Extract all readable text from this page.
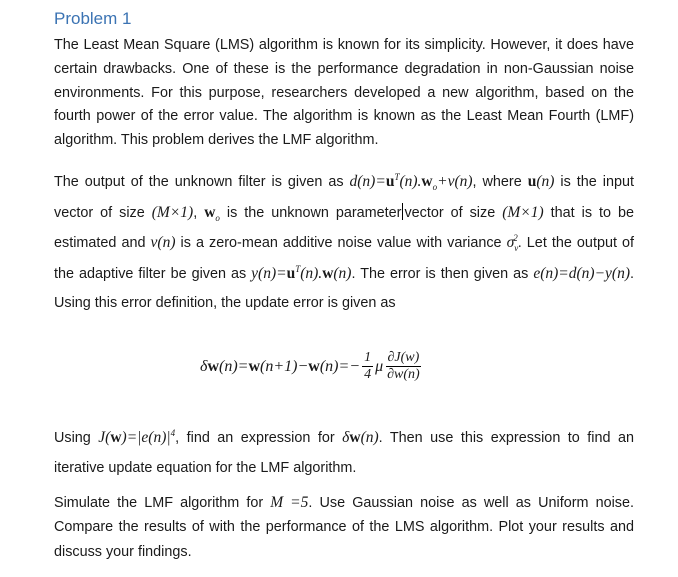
Problem 1

The Least Mean Square (LMS) algorithm is known for its simplicity. However, it does have certain drawbacks. One of these is the performance degradation in non-Gaussian noise environments. For this purpose, researchers developed a new algorithm, based on the fourth power of the error value. The algorithm is known as the Least Mean Fourth (LMF) algorithm. This problem derives the LMF algorithm.

The output of the unknown filter is given as $d(n)=u^T(n).w_o+v(n)$, where u(n) is the input vector of size (M×1), $w_o$ is the unknown parameter vector of size (M×1) that is to be estimated and v(n) is a zero-mean additive noise value with variance $\sigma_v^2$. Let the output of the adaptive filter be given as $y(n)=u^T(n).w(n)$. The error is then given as e(n)=d(n)−y(n). Using this error definition, the update error is given as

$\delta w(n)=w(n+1)-w(n)=- \frac{1}{4}$ μ $\frac{\partial J(w)}{\partial w(n)}$

Using $J(w)=|e(n)|^4$, find an expression for δw(n). Then use this expression to find an iterative update equation for the LMF algorithm.

Simulate the LMF algorithm for M =5. Use Gaussian noise as well as Uniform noise. Compare the results of with the performance of the LMS algorithm. Plot your results and discuss your findings.
